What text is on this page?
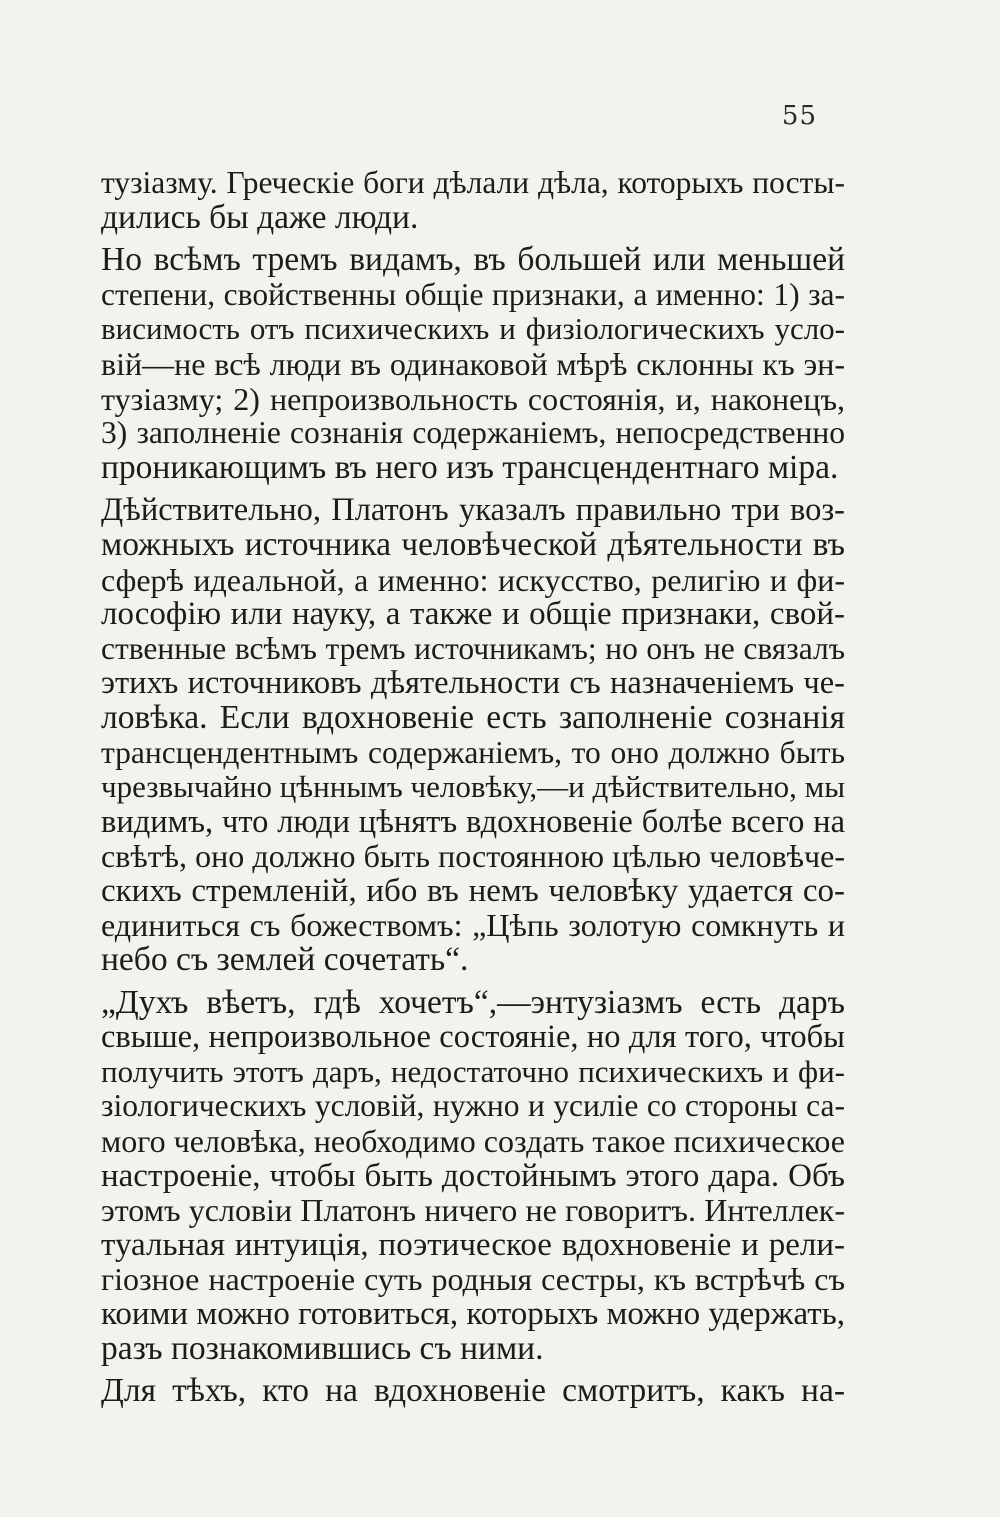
55
тузіазму. Греческіе боги дѣлали дѣла, которыхъ посты-
дились бы даже люди.
Но всѣмъ тремъ видамъ, въ большей или меньшей
степени, свойственны общіе признаки, а именно: 1) за-
висимость отъ психическихъ и физіологическихъ усло-
вій—не всѣ люди въ одинаковой мѣрѣ склонны къ эн-
тузіазму; 2) непроизвольность состоянія, и, наконецъ,
3) заполненіе сознанія содержаніемъ, непосредственно
проникающимъ въ него изъ трансцендентнаго міра.
Дѣйствительно, Платонъ указалъ правильно три воз-
можныхъ источника человѣческой дѣятельности въ
сферѣ идеальной, а именно: искусство, религію и фи-
лософію или науку, а также и общіе признаки, свой-
ственные всѣмъ тремъ источникамъ; но онъ не связалъ
этихъ источниковъ дѣятельности съ назначеніемъ че-
ловѣка. Если вдохновеніе есть заполненіе сознанія
трансцендентнымъ содержаніемъ, то оно должно быть
чрезвычайно цѣннымъ человѣку,—и дѣйствительно, мы
видимъ, что люди цѣнятъ вдохновеніе болѣе всего на
свѣтѣ, оно должно быть постоянною цѣлью человѣче-
скихъ стремленій, ибо въ немъ человѣку удается со-
единиться съ божествомъ: „Цѣпь золотую сомкнуть и
небо съ землей сочетать“.
„Духъ вѣетъ, гдѣ хочетъ“,—энтузіазмъ есть даръ
свыше, непроизвольное состояніе, но для того, чтобы
получить этотъ даръ, недостаточно психическихъ и фи-
зіологическихъ условій, нужно и усиліе со стороны са-
мого человѣка, необходимо создать такое психическое
настроеніе, чтобы быть достойнымъ этого дара. Объ
этомъ условіи Платонъ ничего не говоритъ. Интеллек-
туальная интуиція, поэтическое вдохновеніе и рели-
гіозное настроеніе суть родныя сестры, къ встрѣчѣ съ
коими можно готовиться, которыхъ можно удержать,
разъ познакомившись съ ними.
Для тѣхъ, кто на вдохновеніе смотритъ, какъ на-
